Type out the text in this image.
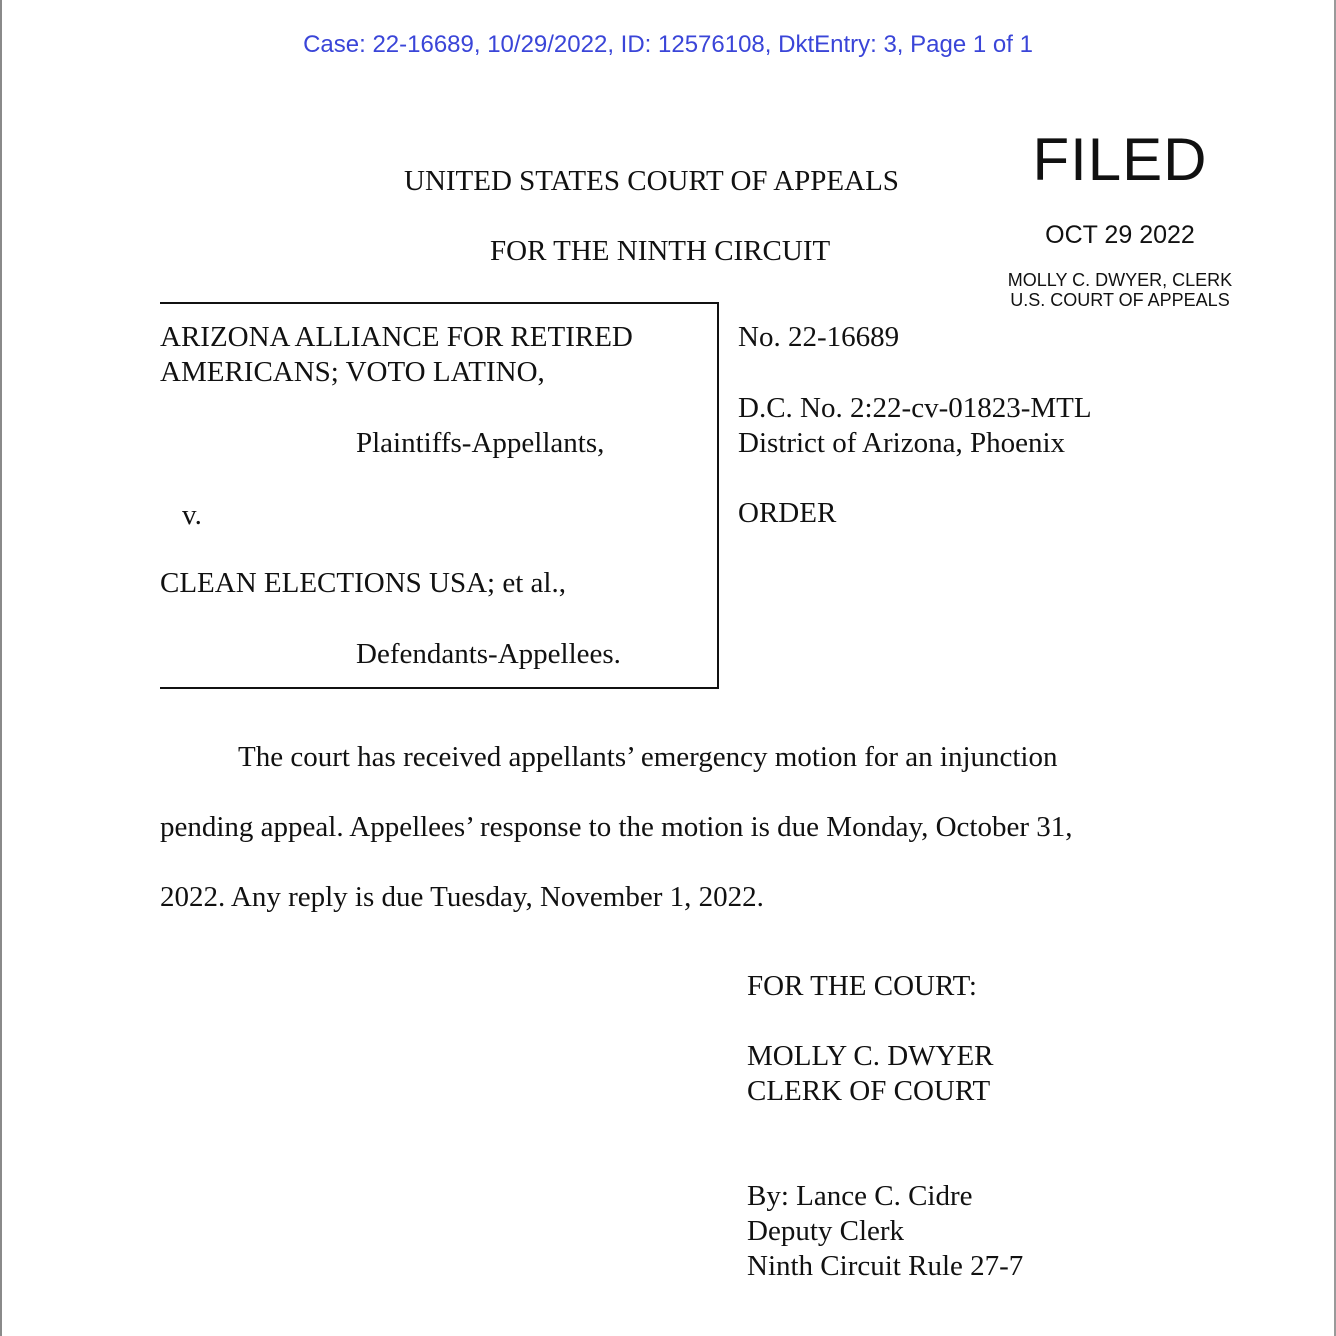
Case: 22-16689, 10/29/2022, ID: 12576108, DktEntry: 3, Page 1 of 1
UNITED STATES COURT OF APPEALS
FOR THE NINTH CIRCUIT
FILED
OCT 29 2022
MOLLY C. DWYER, CLERK
U.S. COURT OF APPEALS
ARIZONA ALLIANCE FOR RETIRED
AMERICANS; VOTO LATINO,
Plaintiffs-Appellants,
v.
CLEAN ELECTIONS USA; et al.,
Defendants-Appellees.
No. 22-16689
D.C. No. 2:22-cv-01823-MTL
District of Arizona, Phoenix
ORDER
The court has received appellants’ emergency motion for an injunction
pending appeal. Appellees’ response to the motion is due Monday, October 31,
2022. Any reply is due Tuesday, November 1, 2022.
FOR THE COURT:
MOLLY C. DWYER
CLERK OF COURT
By: Lance C. Cidre
Deputy Clerk
Ninth Circuit Rule 27-7
